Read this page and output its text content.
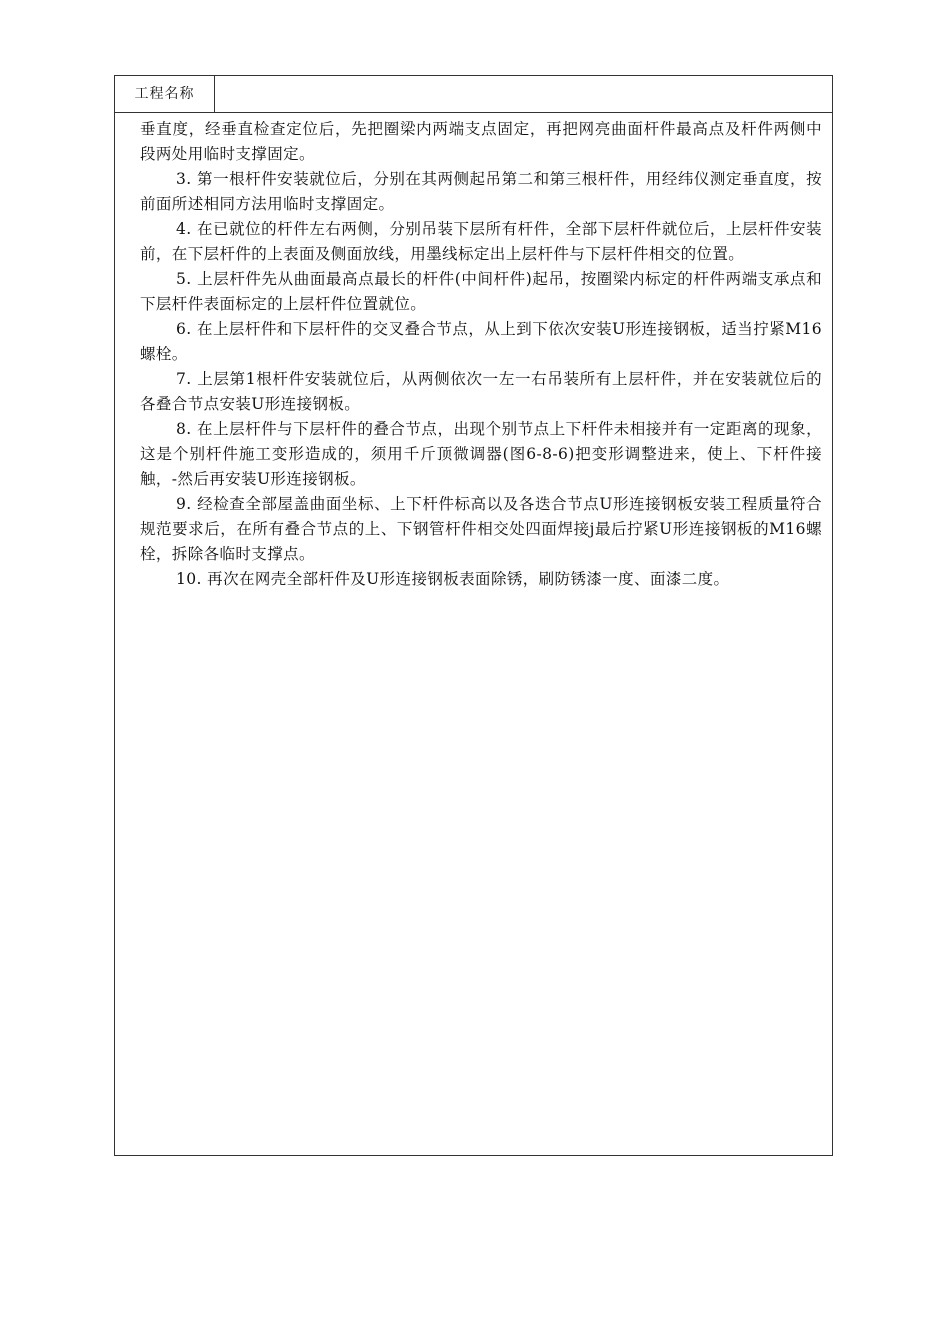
工程名称

垂直度，经垂直检查定位后，先把圈梁内两端支点固定，再把网亮曲面杆件最高点及杆件两侧中段两处用临时支撑固定。

3. 第一根杆件安装就位后，分别在其两侧起吊第二和第三根杆件，用经纬仪测定垂直度，按前面所述相同方法用临时支撑固定。

4. 在已就位的杆件左右两侧，分别吊装下层所有杆件，全部下层杆件就位后，上层杆件安装前，在下层杆件的上表面及侧面放线，用墨线标定出上层杆件与下层杆件相交的位置。

5. 上层杆件先从曲面最高点最长的杆件(中间杆件)起吊，按圈梁内标定的杆件两端支承点和下层杆件表面标定的上层杆件位置就位。

6. 在上层杆件和下层杆件的交叉叠合节点，从上到下依次安装U形连接钢板，适当拧紧M16螺栓。

7. 上层第1根杆件安装就位后，从两侧依次一左一右吊装所有上层杆件，并在安装就位后的各叠合节点安装U形连接钢板。

8. 在上层杆件与下层杆件的叠合节点，出现个别节点上下杆件未相接并有一定距离的现象，这是个别杆件施工变形造成的，须用千斤顶微调器(图6-8-6)把变形调整进来，使上、下杆件接触，-然后再安装U形连接钢板。

9. 经检查全部屋盖曲面坐标、上下杆件标高以及各迭合节点U形连接钢板安装工程质量符合规范要求后，在所有叠合节点的上、下钢管杆件相交处四面焊接j最后拧紧U形连接钢板的M16螺栓，拆除各临时支撑点。

10. 再次在网壳全部杆件及U形连接钢板表面除锈，刷防锈漆一度、面漆二度。
